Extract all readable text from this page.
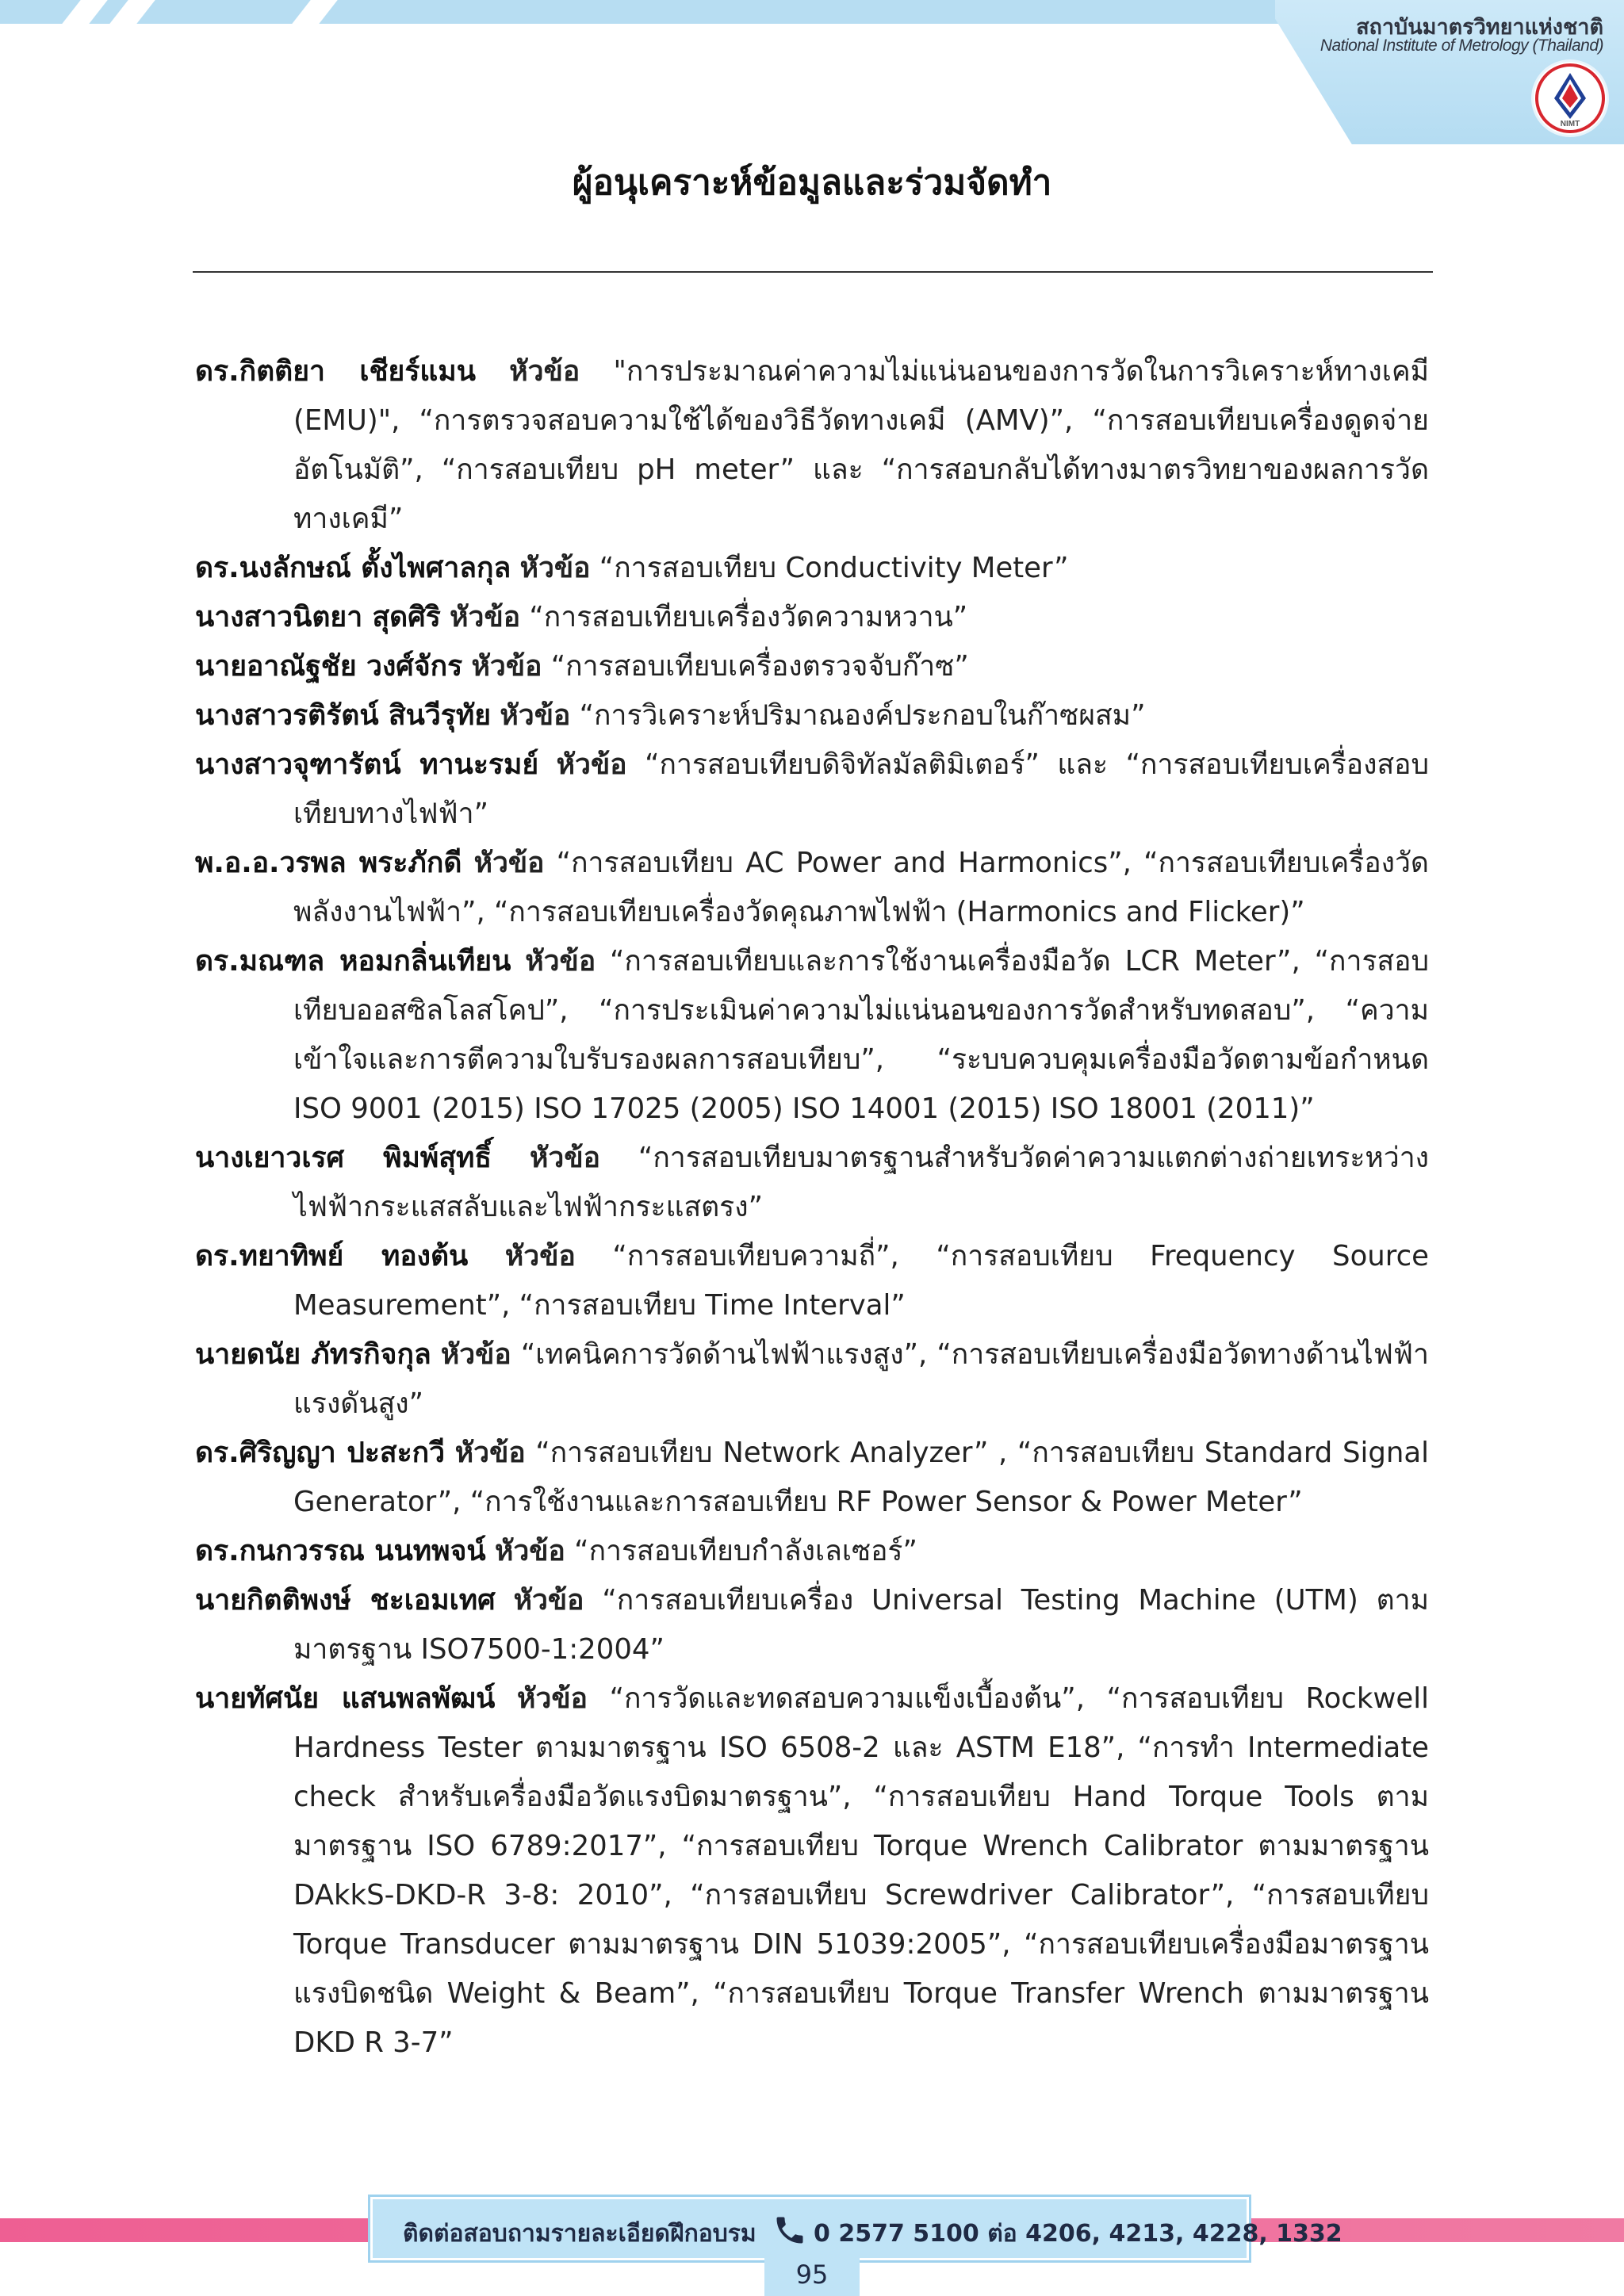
สถาบันมาตรวิทยาแห่งชาติ
National Institute of Metrology (Thailand)
NIMT
ผู้อนุเคราะห์ข้อมูลและร่วมจัดทำ
ดร.กิตติยา เชียร์แมน หัวข้อ "การประมาณค่าความไม่แน่นอนของการวัดในการวิเคราะห์ทางเคมี (EMU)", “การตรวจสอบความใช้ได้ของวิธีวัดทางเคมี (AMV)”, “การสอบเทียบเครื่องดูดจ่ายอัตโนมัติ”, “การสอบเทียบ pH meter” และ “การสอบกลับได้ทางมาตรวิทยาของผลการวัดทางเคมี”
ดร.นงลักษณ์ ตั้งไพศาลกุล หัวข้อ “การสอบเทียบ Conductivity Meter”
นางสาวนิตยา สุดศิริ หัวข้อ “การสอบเทียบเครื่องวัดความหวาน”
นายอาณัฐชัย วงศ์จักร หัวข้อ “การสอบเทียบเครื่องตรวจจับก๊าซ”
นางสาวรติรัตน์ สินวีรุทัย หัวข้อ “การวิเคราะห์ปริมาณองค์ประกอบในก๊าซผสม”
นางสาวจุฑารัตน์ ทานะรมย์ หัวข้อ “การสอบเทียบดิจิทัลมัลติมิเตอร์” และ “การสอบเทียบเครื่องสอบเทียบทางไฟฟ้า”
พ.อ.อ.วรพล พระภักดี หัวข้อ “การสอบเทียบ AC Power and Harmonics”, “การสอบเทียบเครื่องวัดพลังงานไฟฟ้า”, “การสอบเทียบเครื่องวัดคุณภาพไฟฟ้า (Harmonics and Flicker)”
ดร.มณฑล หอมกลิ่นเทียน หัวข้อ “การสอบเทียบและการใช้งานเครื่องมือวัด LCR Meter”, “การสอบเทียบออสซิลโลสโคป”, “การประเมินค่าความไม่แน่นอนของการวัดสำหรับทดสอบ”, “ความเข้าใจและการตีความใบรับรองผลการสอบเทียบ”, “ระบบควบคุมเครื่องมือวัดตามข้อกำหนด ISO 9001 (2015) ISO 17025 (2005) ISO 14001 (2015) ISO 18001 (2011)”
นางเยาวเรศ พิมพ์สุทธิ์ หัวข้อ “การสอบเทียบมาตรฐานสำหรับวัดค่าความแตกต่างถ่ายเทระหว่างไฟฟ้ากระแสสลับและไฟฟ้ากระแสตรง”
ดร.ทยาทิพย์ ทองต้น หัวข้อ “การสอบเทียบความถี่”, “การสอบเทียบ Frequency Source Measurement”, “การสอบเทียบ Time Interval”
นายดนัย ภัทรกิจกุล หัวข้อ “เทคนิคการวัดด้านไฟฟ้าแรงสูง”, “การสอบเทียบเครื่องมือวัดทางด้านไฟฟ้าแรงดันสูง”
ดร.ศิริญญา ปะสะกวี หัวข้อ “การสอบเทียบ Network Analyzer” , “การสอบเทียบ Standard Signal Generator”, “การใช้งานและการสอบเทียบ RF Power Sensor & Power Meter”
ดร.กนกวรรณ นนทพจน์ หัวข้อ “การสอบเทียบกำลังเลเซอร์”
นายกิตติพงษ์ ชะเอมเทศ หัวข้อ “การสอบเทียบเครื่อง Universal Testing Machine (UTM) ตาม มาตรฐาน ISO7500-1:2004”
นายทัศนัย แสนพลพัฒน์ หัวข้อ “การวัดและทดสอบความแข็งเบื้องต้น”, “การสอบเทียบ Rockwell Hardness Tester ตามมาตรฐาน ISO 6508-2 และ ASTM E18”, “การทำ Intermediate check สำหรับเครื่องมือวัดแรงบิดมาตรฐาน”, “การสอบเทียบ Hand Torque Tools ตามมาตรฐาน ISO 6789:2017”, “การสอบเทียบ Torque Wrench Calibrator ตามมาตรฐาน DAkkS-DKD-R 3-8: 2010”, “การสอบเทียบ Screwdriver Calibrator”, “การสอบเทียบ Torque Transducer ตามมาตรฐาน DIN 51039:2005”, “การสอบเทียบเครื่องมือมาตรฐานแรงบิดชนิด Weight & Beam”, “การสอบเทียบ Torque Transfer Wrench ตามมาตรฐาน DKD R 3-7”
ติดต่อสอบถามรายละเอียดฝึกอบรม 0 2577 5100 ต่อ 4206, 4213, 4228, 1332
95
